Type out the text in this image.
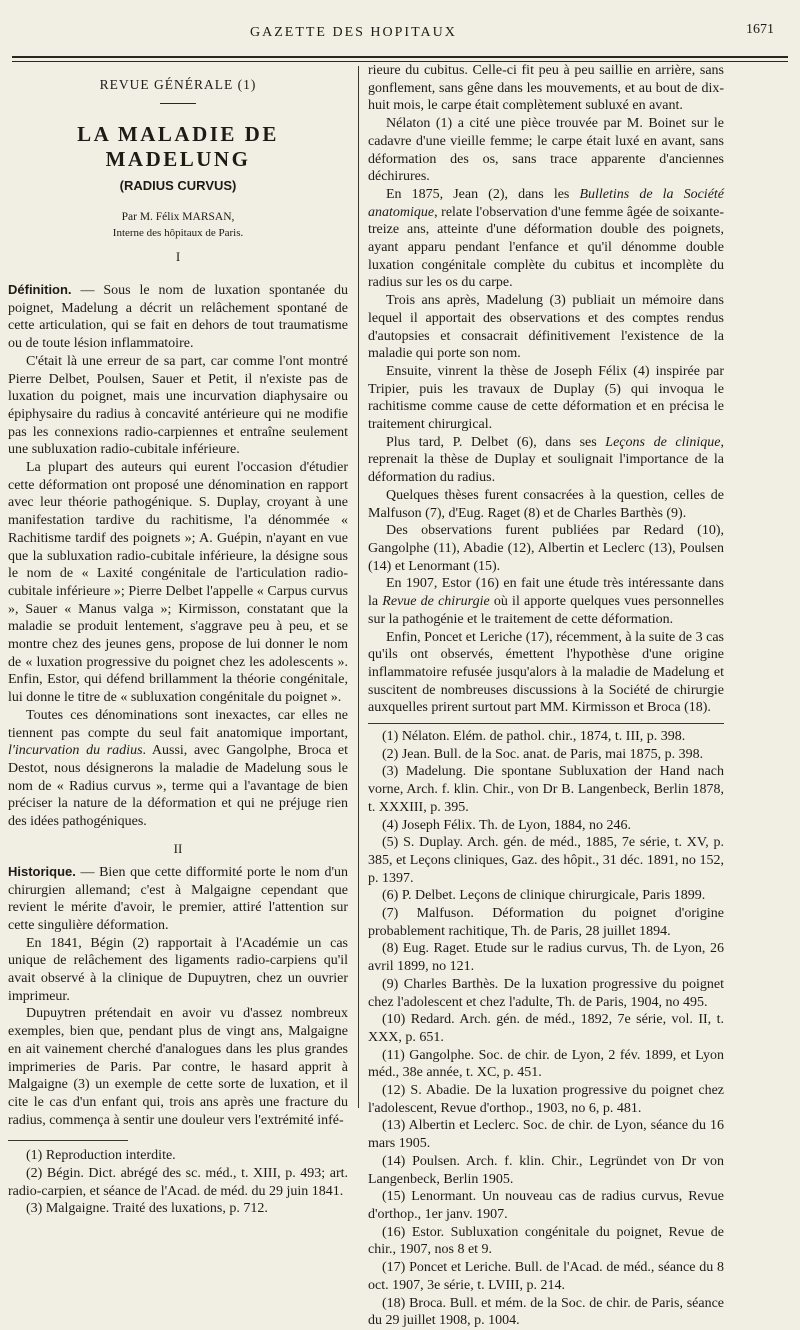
GAZETTE DES HOPITAUX	1671
REVUE GÉNÉRALE (1)
LA MALADIE DE MADELUNG
(RADIUS CURVUS)
Par M. Félix MARSAN,
Interne des hôpitaux de Paris.
I

Définition. — Sous le nom de luxation spontanée du poignet, Madelung a décrit un relâchement spontané de cette articulation, qui se fait en dehors de tout traumatisme ou de toute lésion inflammatoire.

C'était là une erreur de sa part, car comme l'ont montré Pierre Delbet, Poulsen, Sauer et Petit, il n'existe pas de luxation du poignet, mais une incurvation diaphysaire ou épiphysaire du radius à concavité antérieure qui ne modifie pas les connexions radio-carpiennes et entraîne seulement une subluxation radio-cubitale inférieure.

La plupart des auteurs qui eurent l'occasion d'étudier cette déformation ont proposé une dénomination en rapport avec leur théorie pathogénique. S. Duplay, croyant à une manifestation tardive du rachitisme, l'a dénommée « Rachitisme tardif des poignets »; A. Guépin, n'ayant en vue que la subluxation radio-cubitale inférieure, la désigne sous le nom de « Laxité congénitale de l'articulation radio-cubitale inférieure »; Pierre Delbet l'appelle « Carpus curvus », Sauer « Manus valga »; Kirmisson, constatant que la maladie se produit lentement, s'aggrave peu à peu, et se montre chez des jeunes gens, propose de lui donner le nom de « luxation progressive du poignet chez les adolescents ». Enfin, Estor, qui défend brillamment la théorie congénitale, lui donne le titre de « subluxation congénitale du poignet ».

Toutes ces dénominations sont inexactes, car elles ne tiennent pas compte du seul fait anatomique important, l'incurvation du radius. Aussi, avec Gangolphe, Broca et Destot, nous désignerons la maladie de Madelung sous le nom de « Radius curvus », terme qui a l'avantage de bien préciser la nature de la déformation et qui ne préjuge rien des idées pathogéniques.

II

Historique. — Bien que cette difformité porte le nom d'un chirurgien allemand; c'est à Malgaigne cependant que revient le mérite d'avoir, le premier, attiré l'attention sur cette singulière déformation.

En 1841, Bégin (2) rapportait à l'Académie un cas unique de relâchement des ligaments radio-carpiens qu'il avait observé à la clinique de Dupuytren, chez un ouvrier imprimeur.

Dupuytren prétendait en avoir vu d'assez nombreux exemples, bien que, pendant plus de vingt ans, Malgaigne en ait vainement cherché d'analogues dans les plus grandes imprimeries de Paris. Par contre, le hasard apprit à Malgaigne (3) un exemple de cette sorte de luxation, et il cite le cas d'un enfant qui, trois ans après une fracture du radius, commença à sentir une douleur vers l'extrémité infé-

(1) Reproduction interdite.

(2) Bégin. Dict. abrégé des sc. méd., t. XIII, p. 493; art. radio-carpien, et séance de l'Acad. de méd. du 29 juin 1841.

(3) Malgaigne. Traité des luxations, p. 712.

rieure du cubitus. Celle-ci fit peu à peu saillie en arrière, sans gonflement, sans gêne dans les mouvements, et au bout de dix-huit mois, le carpe était complètement subluxé en avant.

Nélaton (1) a cité une pièce trouvée par M. Boinet sur le cadavre d'une vieille femme; le carpe était luxé en avant, sans déformation des os, sans trace apparente d'anciennes déchirures.

En 1875, Jean (2), dans les Bulletins de la Société anatomique, relate l'observation d'une femme âgée de soixante-treize ans, atteinte d'une déformation double des poignets, ayant apparu pendant l'enfance et qu'il dénomme double luxation congénitale complète du cubitus et incomplète du radius sur les os du carpe.

Trois ans après, Madelung (3) publiait un mémoire dans lequel il apportait des observations et des comptes rendus d'autopsies et consacrait définitivement l'existence de la maladie qui porte son nom.

Ensuite, vinrent la thèse de Joseph Félix (4) inspirée par Tripier, puis les travaux de Duplay (5) qui invoqua le rachitisme comme cause de cette déformation et en précisa le traitement chirurgical.

Plus tard, P. Delbet (6), dans ses Leçons de clinique, reprenait la thèse de Duplay et soulignait l'importance de la déformation du radius.

Quelques thèses furent consacrées à la question, celles de Malfuson (7), d'Eug. Raget (8) et de Charles Barthès (9).

Des observations furent publiées par Redard (10), Gangolphe (11), Abadie (12), Albertin et Leclerc (13), Poulsen (14) et Lenormant (15).

En 1907, Estor (16) en fait une étude très intéressante dans la Revue de chirurgie où il apporte quelques vues personnelles sur la pathogénie et le traitement de cette déformation.

Enfin, Poncet et Leriche (17), récemment, à la suite de 3 cas qu'ils ont observés, émettent l'hypothèse d'une origine inflammatoire refusée jusqu'alors à la maladie de Madelung et suscitent de nombreuses discussions à la Société de chirurgie auxquelles prirent surtout part MM. Kirmisson et Broca (18).

(1) Nélaton. Elém. de pathol. chir., 1874, t. III, p. 398.

(2) Jean. Bull. de la Soc. anat. de Paris, mai 1875, p. 398.

(3) Madelung. Die spontane Subluxation der Hand nach vorne, Arch. f. klin. Chir., von Dr B. Langenbeck, Berlin 1878, t. XXXIII, p. 395.

(4) Joseph Félix. Th. de Lyon, 1884, no 246.

(5) S. Duplay. Arch. gén. de méd., 1885, 7e série, t. XV, p. 385, et Leçons cliniques, Gaz. des hôpit., 31 déc. 1891, no 152, p. 1397.

(6) P. Delbet. Leçons de clinique chirurgicale, Paris 1899.

(7) Malfuson. Déformation du poignet d'origine probablement rachitique, Th. de Paris, 28 juillet 1894.

(8) Eug. Raget. Etude sur le radius curvus, Th. de Lyon, 26 avril 1899, no 121.

(9) Charles Barthès. De la luxation progressive du poignet chez l'adolescent et chez l'adulte, Th. de Paris, 1904, no 495.

(10) Redard. Arch. gén. de méd., 1892, 7e série, vol. II, t. XXX, p. 651.

(11) Gangolphe. Soc. de chir. de Lyon, 2 fév. 1899, et Lyon méd., 38e année, t. XC, p. 451.

(12) S. Abadie. De la luxation progressive du poignet chez l'adolescent, Revue d'orthop., 1903, no 6, p. 481.

(13) Albertin et Leclerc. Soc. de chir. de Lyon, séance du 16 mars 1905.

(14) Poulsen. Arch. f. klin. Chir., Legründet von Dr von Langenbeck, Berlin 1905.

(15) Lenormant. Un nouveau cas de radius curvus, Revue d'orthop., 1er janv. 1907.

(16) Estor. Subluxation congénitale du poignet, Revue de chir., 1907, nos 8 et 9.

(17) Poncet et Leriche. Bull. de l'Acad. de méd., séance du 8 oct. 1907, 3e série, t. LVIII, p. 214.

(18) Broca. Bull. et mém. de la Soc. de chir. de Paris, séance du 29 juillet 1908, p. 1004.
